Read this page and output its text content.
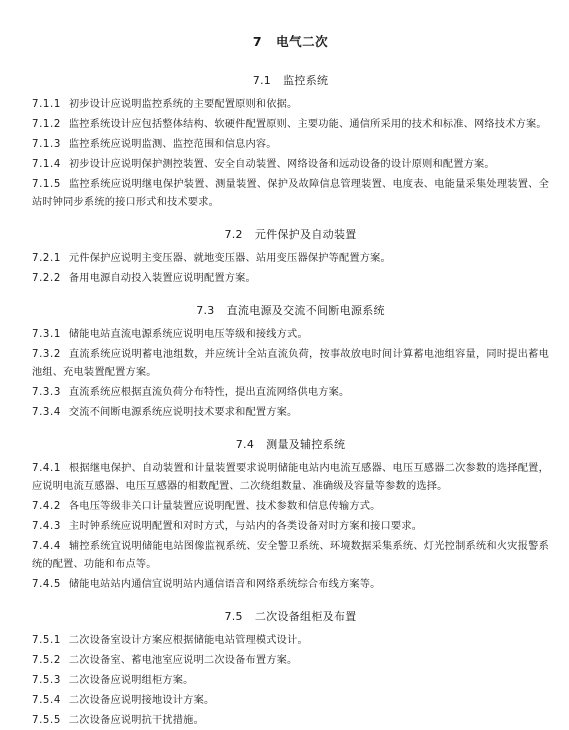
7 电气二次
7.1 监控系统
7.1.1 初步设计应说明监控系统的主要配置原则和依据。
7.1.2 监控系统设计应包括整体结构、软硬件配置原则、主要功能、通信所采用的技术和标准、网络技术方案。
7.1.3 监控系统应说明监测、监控范围和信息内容。
7.1.4 初步设计应说明保护测控装置、安全自动装置、网络设备和远动设备的设计原则和配置方案。
7.1.5 监控系统应说明继电保护装置、测量装置、保护及故障信息管理装置、电度表、电能量采集处理装置、全站时钟同步系统的接口形式和技术要求。
7.2 元件保护及自动装置
7.2.1 元件保护应说明主变压器、就地变压器、站用变压器保护等配置方案。
7.2.2 备用电源自动投入装置应说明配置方案。
7.3 直流电源及交流不间断电源系统
7.3.1 储能电站直流电源系统应说明电压等级和接线方式。
7.3.2 直流系统应说明蓄电池组数，并应统计全站直流负荷，按事故放电时间计算蓄电池组容量，同时提出蓄电池组、充电装置配置方案。
7.3.3 直流系统应根据直流负荷分布特性，提出直流网络供电方案。
7.3.4 交流不间断电源系统应说明技术要求和配置方案。
7.4 测量及辅控系统
7.4.1 根据继电保护、自动装置和计量装置要求说明储能电站内电流互感器、电压互感器二次参数的选择配置，应说明电流互感器、电压互感器的相数配置、二次绕组数量、准确级及容量等参数的选择。
7.4.2 各电压等级非关口计量装置应说明配置、技术参数和信息传输方式。
7.4.3 主时钟系统应说明配置和对时方式，与站内的各类设备对时方案和接口要求。
7.4.4 辅控系统宜说明储能电站图像监视系统、安全警卫系统、环境数据采集系统、灯光控制系统和火灾报警系统的配置、功能和布点等。
7.4.5 储能电站站内通信宜说明站内通信语音和网络系统综合布线方案等。
7.5 二次设备组柜及布置
7.5.1 二次设备室设计方案应根据储能电站管理模式设计。
7.5.2 二次设备室、蓄电池室应说明二次设备布置方案。
7.5.3 二次设备应说明组柜方案。
7.5.4 二次设备应说明接地设计方案。
7.5.5 二次设备应说明抗干扰措施。
